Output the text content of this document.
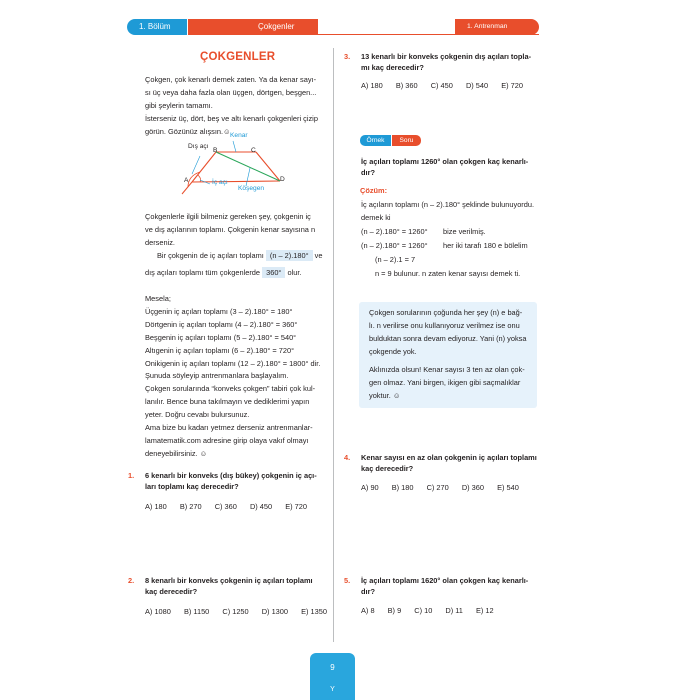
1. Bölüm	Çokgenler	1. Antrenman
ÇOKGENLER
Çokgen, çok kenarlı demek zaten. Ya da kenar sayı-
sı üç veya daha fazla olan üçgen, dörtgen, beşgen...
gibi şeylerin tamamı.
İsterseniz üç, dört, beş ve altı kenarlı çokgenleri çizip
görün. Gözünüz alışsın.☺ Kenar
Dış açı
B	C
A	İç açı
Köşegen
D
Çokgenlerle ilgili bilmeniz gereken şey, çokgenin iç
ve dış açılarının toplamı. Çokgenin kenar sayısına n
derseniz.
Bir çokgenin de iç açıları toplamı (n – 2).180° ve
dış açıları toplamı tüm çokgenlerde 360° olur.
Mesela;
Üçgenin iç açıları toplamı (3 – 2).180° = 180°
Dörtgenin iç açıları toplamı (4 – 2).180° = 360°
Beşgenin iç açıları toplamı (5 – 2).180° = 540°
Altıgenin iç açıları toplamı (6 – 2).180° = 720°
Onikigenin iç açıları toplamı (12 – 2).180° = 1800° dir.
Şunuda söyleyip antrenmanlara başlayalım.
Çokgen sorularında “konveks çokgen” tabiri çok kul-
lanılır. Bence buna takılmayın ve dediklerimi yapın
yeter. Doğru cevabı bulursunuz.
Ama bize bu kadarı yetmez derseniz antrenmanlar-
lamatematik.com adresine girip olaya vakıf olmayı
deneyebilirsiniz. ☺
1. 6 kenarlı bir konveks (dış bükey) çokgenin iç açı-
ları toplamı kaç derecedir?
A) 180 B) 270 C) 360 D) 450 E) 720
2. 8 kenarlı bir konveks çokgenin iç açıları toplamı
kaç derecedir?
A) 1080 B) 1150 C) 1250 D) 1300 E) 1350
3. 13 kenarlı bir konveks çokgenin dış açıları topla-
mı kaç derecedir?
A) 180 B) 360 C) 450 D) 540 E) 720
Örnek	Soru
İç açıları toplamı 1260° olan çokgen kaç kenarlı-
dır?
Çözüm:
İç açıların toplamı (n – 2).180° şeklinde bulunuyordu.
demek ki
(n – 2).180° = 1260° bize verilmiş.
(n – 2).180° = 1260° her iki tarafı 180 e bölelim
(n – 2).1 = 7
n = 9 bulunur. n zaten kenar sayısı demek ti.
Çokgen sorularının çoğunda her şey (n) e bağ-
lı. n verilirse onu kullanıyoruz verilmez ise onu
bulduktan sonra devam ediyoruz. Yani (n) yoksa
çokgende yok.
Aklınızda olsun! Kenar sayısı 3 ten az olan çok-
gen olmaz. Yani birgen, ikigen gibi saçmalıklar
yoktur. ☺
4. Kenar sayısı en az olan çokgenin iç açıları toplamı
kaç derecedir?
A) 90 B) 180 C) 270 D) 360 E) 540
5. İç açıları toplamı 1620° olan çokgen kaç kenarlı-
dır?
A) 8 B) 9 C) 10 D) 11 E) 12
9
Y
